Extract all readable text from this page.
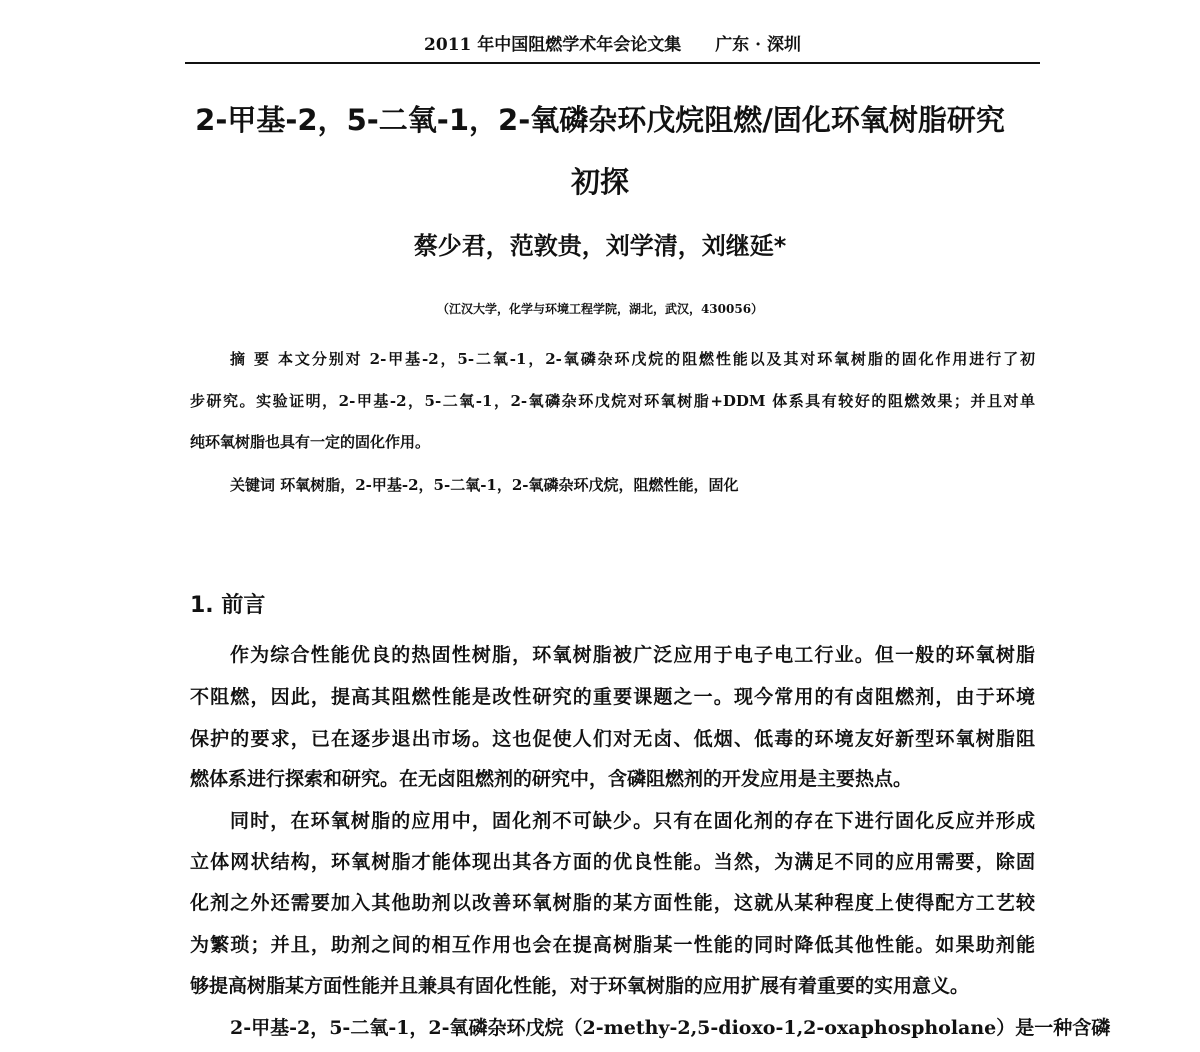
2011 年中国阻燃学术年会论文集 广东 · 深圳
2-甲基-2，5-二氧-1，2-氧磷杂环戊烷阻燃/固化环氧树脂研究
初探
蔡少君，范敦贵，刘学清，刘继延*
（江汉大学，化学与环境工程学院，湖北，武汉，430056）
摘 要 本文分别对 2-甲基-2，5-二氧-1，2-氧磷杂环戊烷的阻燃性能以及其对环氧树脂的固化作用进行了初
步研究。实验证明，2-甲基-2，5-二氧-1，2-氧磷杂环戊烷对环氧树脂+DDM 体系具有较好的阻燃效果；并且对单
纯环氧树脂也具有一定的固化作用。
关键词 环氧树脂，2-甲基-2，5-二氧-1，2-氧磷杂环戊烷，阻燃性能，固化
1. 前言
作为综合性能优良的热固性树脂，环氧树脂被广泛应用于电子电工行业。但一般的环氧树脂
不阻燃，因此，提高其阻燃性能是改性研究的重要课题之一。现今常用的有卤阻燃剂，由于环境
保护的要求，已在逐步退出市场。这也促使人们对无卤、低烟、低毒的环境友好新型环氧树脂阻
燃体系进行探索和研究。在无卤阻燃剂的研究中，含磷阻燃剂的开发应用是主要热点。
同时，在环氧树脂的应用中，固化剂不可缺少。只有在固化剂的存在下进行固化反应并形成
立体网状结构，环氧树脂才能体现出其各方面的优良性能。当然，为满足不同的应用需要，除固
化剂之外还需要加入其他助剂以改善环氧树脂的某方面性能，这就从某种程度上使得配方工艺较
为繁琐；并且，助剂之间的相互作用也会在提高树脂某一性能的同时降低其他性能。如果助剂能
够提高树脂某方面性能并且兼具有固化性能，对于环氧树脂的应用扩展有着重要的实用意义。
2-甲基-2，5-二氧-1，2-氧磷杂环戊烷（2-methy-2,5-dioxo-1,2-oxaphospholane）是一种含磷
